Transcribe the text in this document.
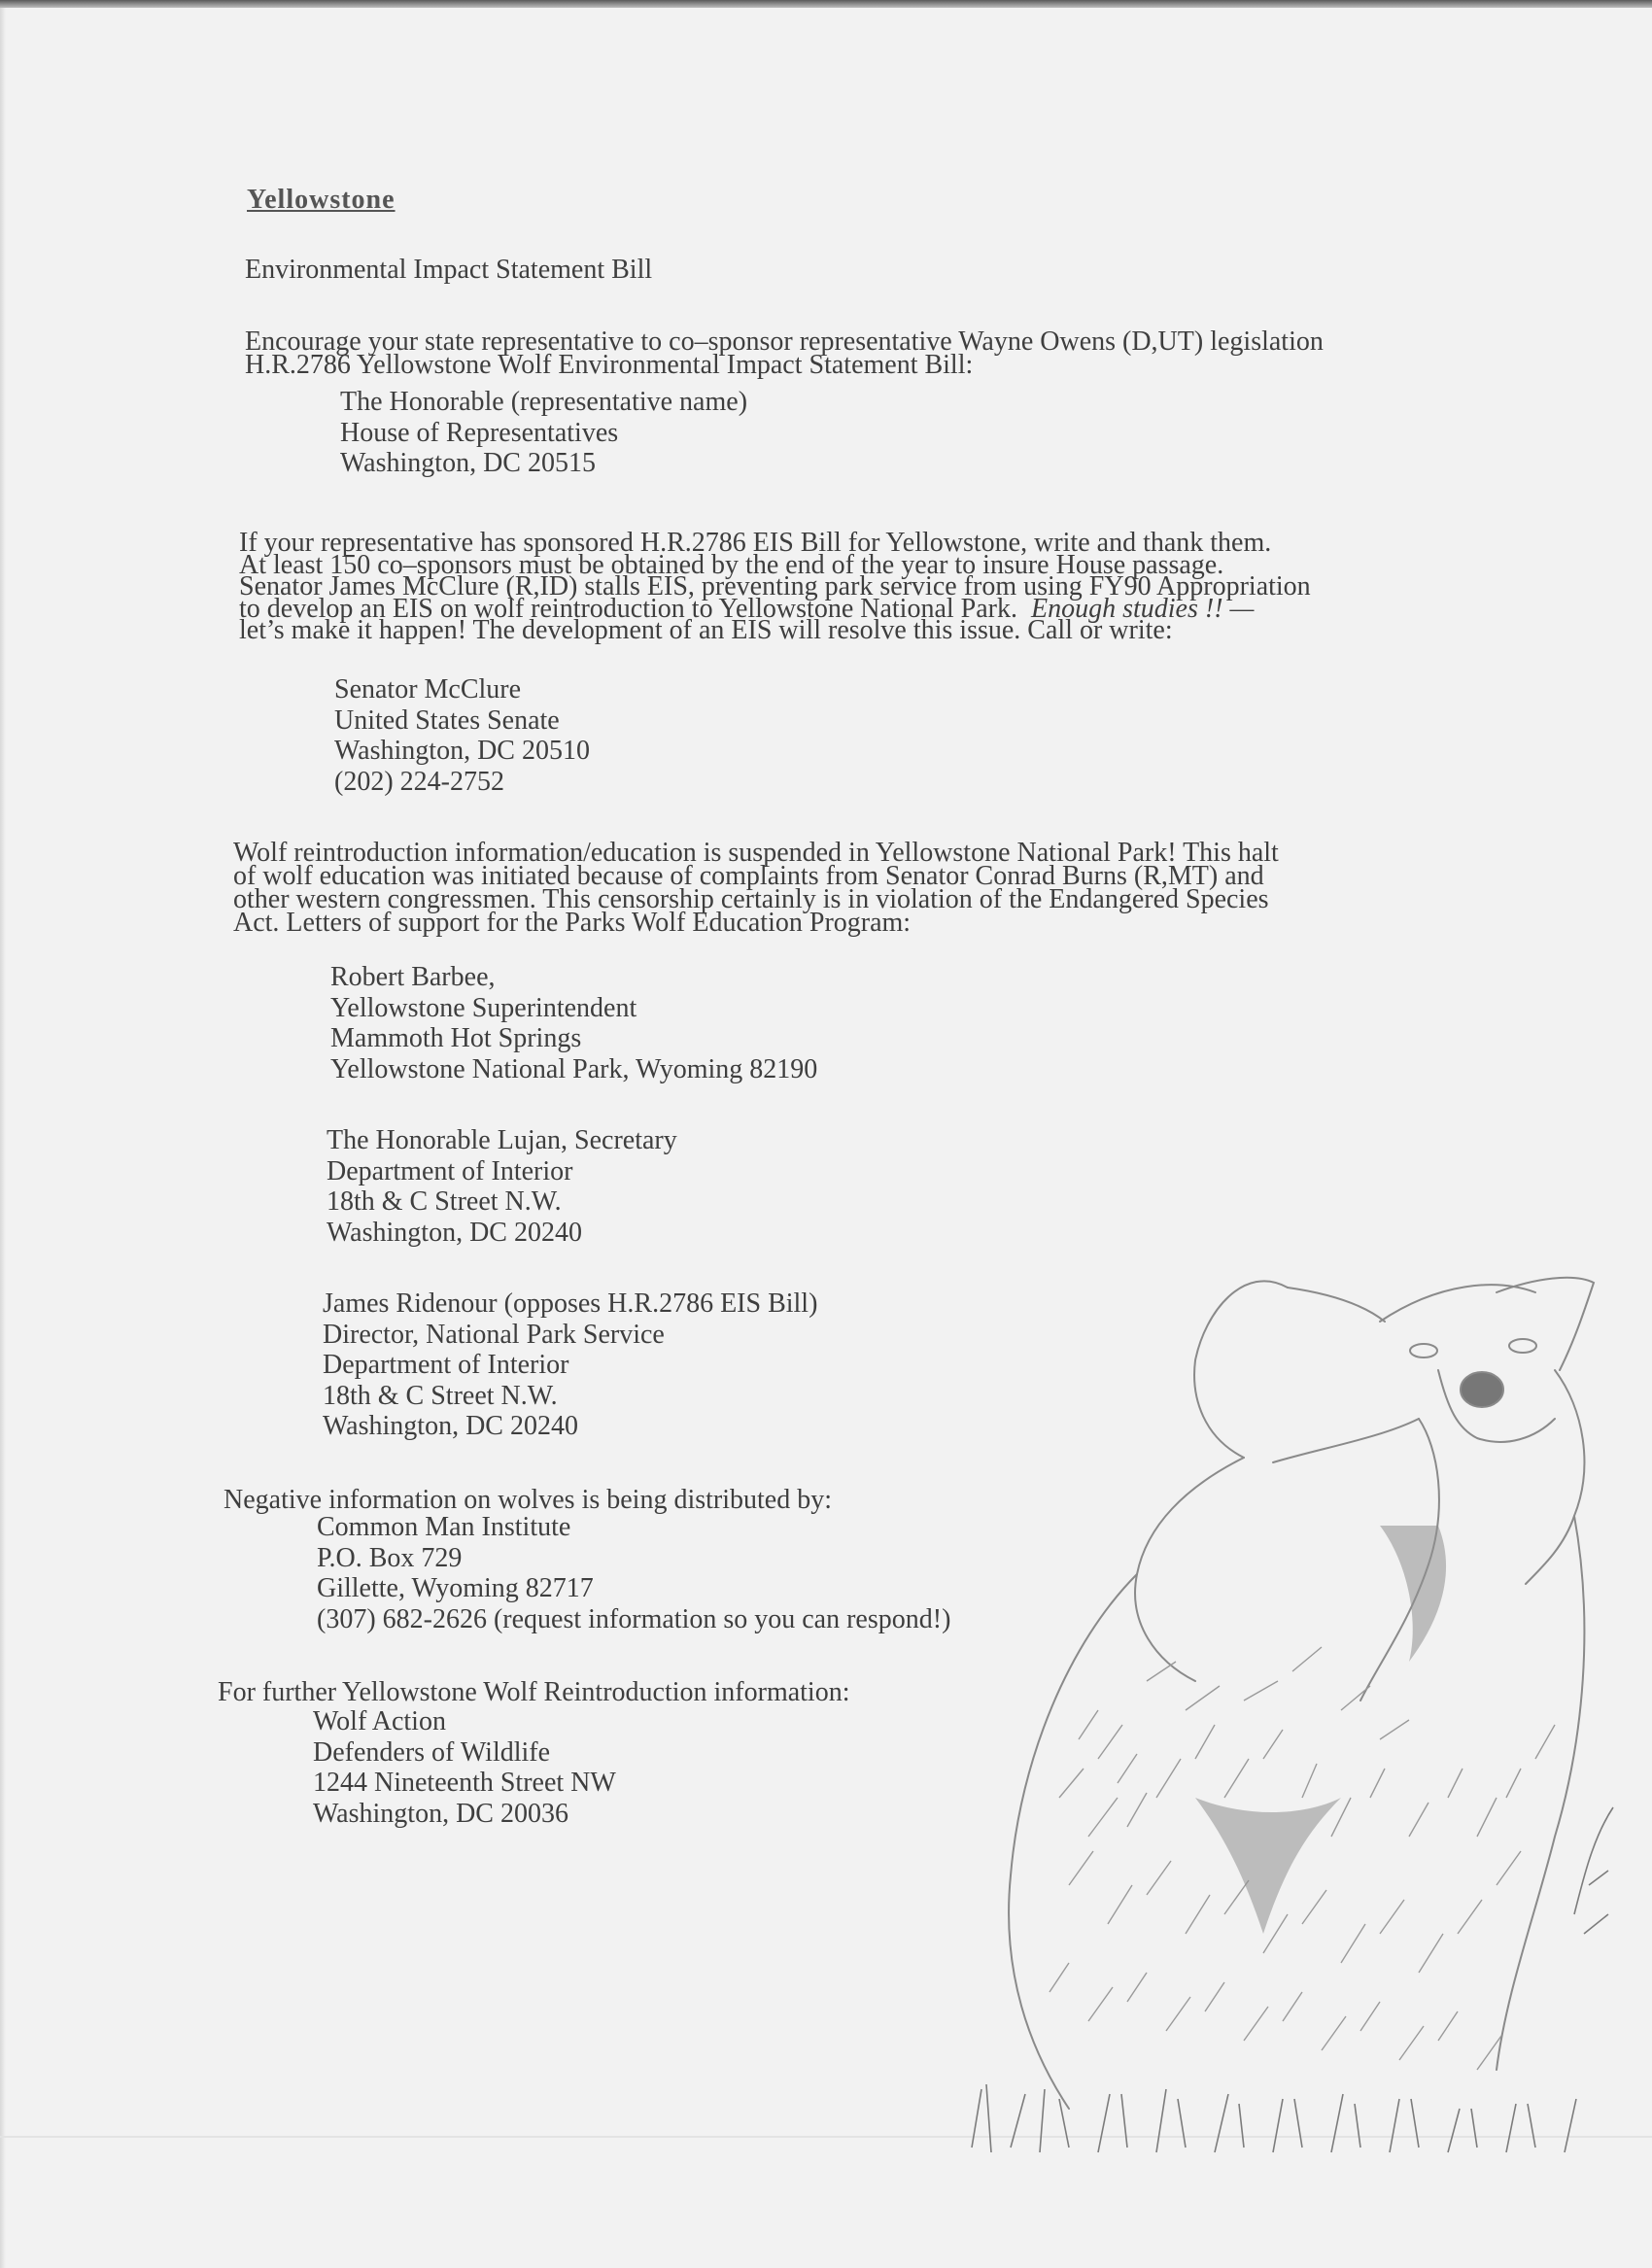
Yellowstone
Environmental Impact Statement Bill
Encourage your state representative to co–sponsor representative Wayne Owens (D,UT) legislation
H.R.2786 Yellowstone Wolf Environmental Impact Statement Bill:
The Honorable (representative name)
House of Representatives
Washington, DC 20515
If your representative has sponsored H.R.2786 EIS Bill for Yellowstone, write and thank them.
At least 150 co–sponsors must be obtained by the end of the year to insure House passage.
Senator James McClure (R,ID) stalls EIS, preventing park service from using FY90 Appropriation
to develop an EIS on wolf reintroduction to Yellowstone National Park. Enough studies !! —
let’s make it happen! The development of an EIS will resolve this issue. Call or write:
Senator McClure
United States Senate
Washington, DC 20510
(202) 224-2752
Wolf reintroduction information/education is suspended in Yellowstone National Park! This halt
of wolf education was initiated because of complaints from Senator Conrad Burns (R,MT) and
other western congressmen. This censorship certainly is in violation of the Endangered Species
Act. Letters of support for the Parks Wolf Education Program:
Robert Barbee,
Yellowstone Superintendent
Mammoth Hot Springs
Yellowstone National Park, Wyoming 82190
The Honorable Lujan, Secretary
Department of Interior
18th & C Street N.W.
Washington, DC 20240
James Ridenour (opposes H.R.2786 EIS Bill)
Director, National Park Service
Department of Interior
18th & C Street N.W.
Washington, DC 20240
Negative information on wolves is being distributed by:
Common Man Institute
P.O. Box 729
Gillette, Wyoming 82717
(307) 682-2626 (request information so you can respond!)
For further Yellowstone Wolf Reintroduction information:
Wolf Action
Defenders of Wildlife
1244 Nineteenth Street NW
Washington, DC 20036
